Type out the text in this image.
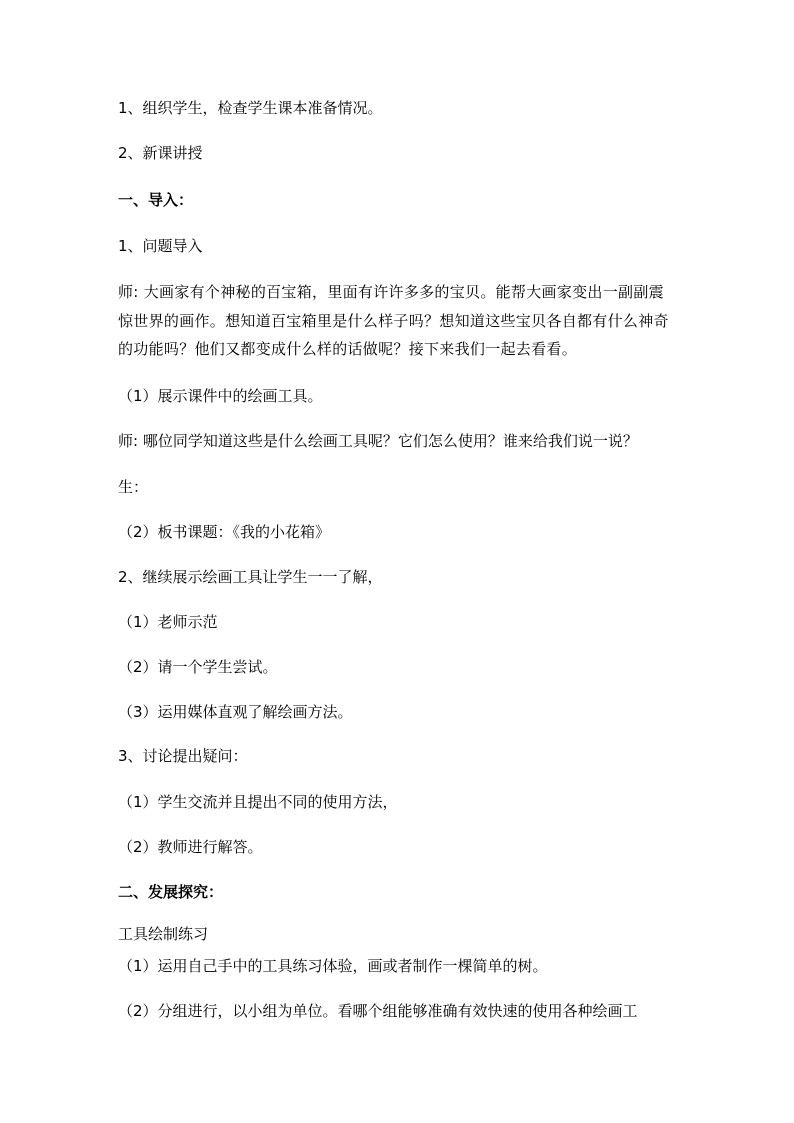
1、组织学生，检查学生课本准备情况。
2、新课讲授
一、导入：
1、问题导入
师: 大画家有个神秘的百宝箱，里面有许许多多的宝贝。能帮大画家变出一副副震惊世界的画作。想知道百宝箱里是什么样子吗？想知道这些宝贝各自都有什么神奇的功能吗？他们又都变成什么样的话做呢？接下来我们一起去看看。
（1）展示课件中的绘画工具。
师: 哪位同学知道这些是什么绘画工具呢？它们怎么使用？谁来给我们说一说？
生：
（2）板书课题：《我的小花箱》
2、继续展示绘画工具让学生一一了解，
（1）老师示范
（2）请一个学生尝试。
（3）运用媒体直观了解绘画方法。
3、讨论提出疑问：
（1）学生交流并且提出不同的使用方法，
（2）教师进行解答。
二、发展探究：
工具绘制练习
（1）运用自己手中的工具练习体验，画或者制作一棵简单的树。
（2）分组进行，以小组为单位。看哪个组能够准确有效快速的使用各种绘画工
